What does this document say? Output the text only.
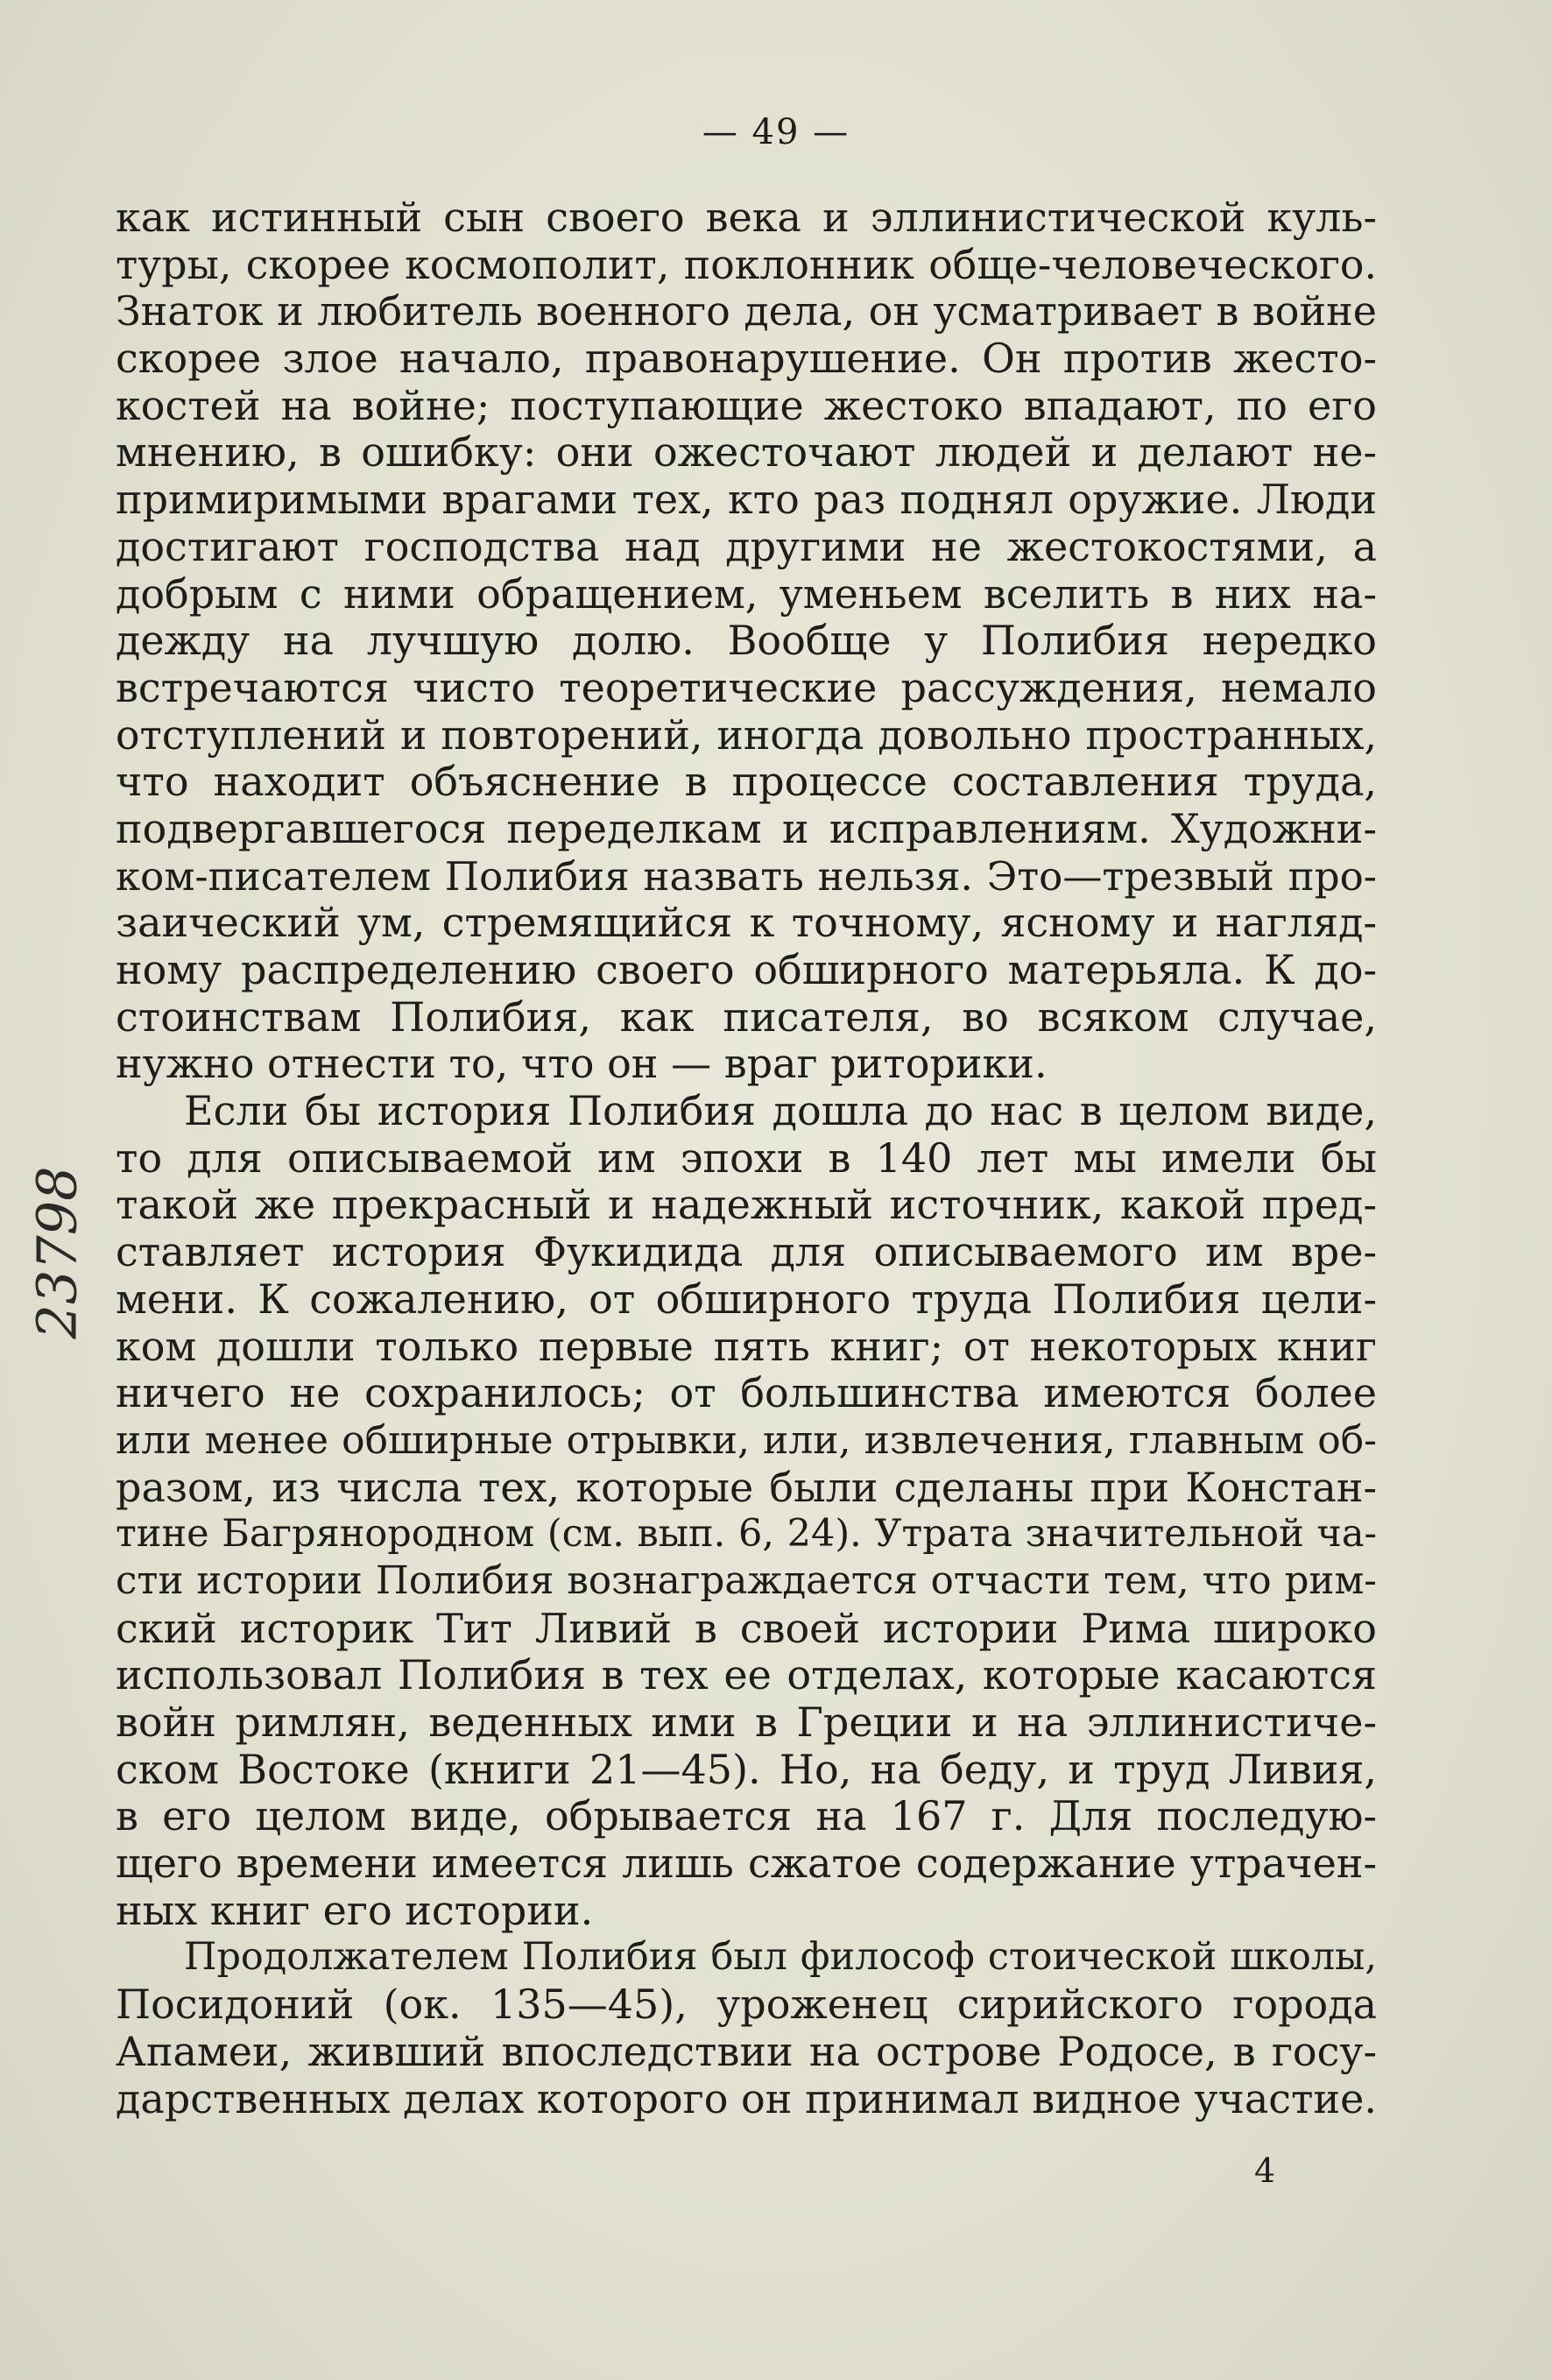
— 49 —
как истинный сын своего века и эллинистической куль-
туры, скорее космополит, поклонник обще-человеческого.
Знаток и любитель военного дела, он усматривает в войне
скорее злое начало, правонарушение. Он против жесто-
костей на войне; поступающие жестоко впадают, по его
мнению, в ошибку: они ожесточают людей и делают не-
примиримыми врагами тех, кто раз поднял оружие. Люди
достигают господства над другими не жестокостями, а
добрым с ними обращением, уменьем вселить в них на-
дежду на лучшую долю. Вообще у Полибия нередко
встречаются чисто теоретические рассуждения, немало
отступлений и повторений, иногда довольно пространных,
что находит объяснение в процессе составления труда,
подвергавшегося переделкам и исправлениям. Художни-
ком-писателем Полибия назвать нельзя. Это—трезвый про-
заический ум, стремящийся к точному, ясному и нагляд-
ному распределению своего обширного матерьяла. К до-
стоинствам Полибия, как писателя, во всяком случае,
нужно отнести то, что он — враг риторики.
Если бы история Полибия дошла до нас в целом виде,
то для описываемой им эпохи в 140 лет мы имели бы
такой же прекрасный и надежный источник, какой пред-
ставляет история Фукидида для описываемого им вре-
мени. К сожалению, от обширного труда Полибия цели-
ком дошли только первые пять книг; от некоторых книг
ничего не сохранилось; от большинства имеются более
или менее обширные отрывки, или, извлечения, главным об-
разом, из числа тех, которые были сделаны при Констан-
тине Багрянородном (см. вып. 6, 24). Утрата значительной ча-
сти истории Полибия вознаграждается отчасти тем, что рим-
ский историк Тит Ливий в своей истории Рима широко
использовал Полибия в тех ее отделах, которые касаются
войн римлян, веденных ими в Греции и на эллинистиче-
ском Востоке (книги 21—45). Но, на беду, и труд Ливия,
в его целом виде, обрывается на 167 г. Для последую-
щего времени имеется лишь сжатое содержание утрачен-
ных книг его истории.
Продолжателем Полибия был философ стоической школы,
Посидоний (ок. 135—45), уроженец сирийского города
Апамеи, живший впоследствии на острове Родосе, в госу-
дарственных делах которого он принимал видное участие.
4
23798
